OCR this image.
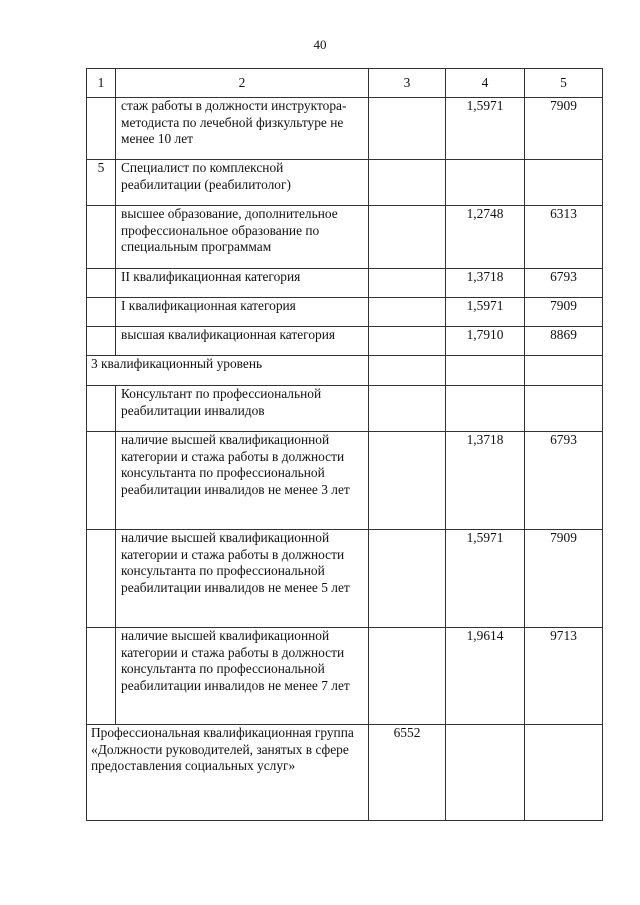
40
1	2	3	4	5
	стаж работы в должности инструктора-методиста по лечебной физкультуре не менее 10 лет		1,5971	7909
5	Специалист по комплексной реабилитации (реабилитолог)			
	высшее образование, дополнительное профессиональное образование по специальным программам		1,2748	6313
	II квалификационная категория		1,3718	6793
	I квалификационная категория		1,5971	7909
	высшая квалификационная категория		1,7910	8869
3 квалификационный уровень				
	Консультант по профессиональной реабилитации инвалидов			
	наличие высшей квалификационной категории и стажа работы в должности консультанта по профессиональной реабилитации инвалидов не менее 3 лет		1,3718	6793
	наличие высшей квалификационной категории и стажа работы в должности консультанта по профессиональной реабилитации инвалидов не менее 5 лет		1,5971	7909
	наличие высшей квалификационной категории и стажа работы в должности консультанта по профессиональной реабилитации инвалидов не менее 7 лет		1,9614	9713
Профессиональная квалификационная группа «Должности руководителей, занятых в сфере предоставления социальных услуг»		6552		
